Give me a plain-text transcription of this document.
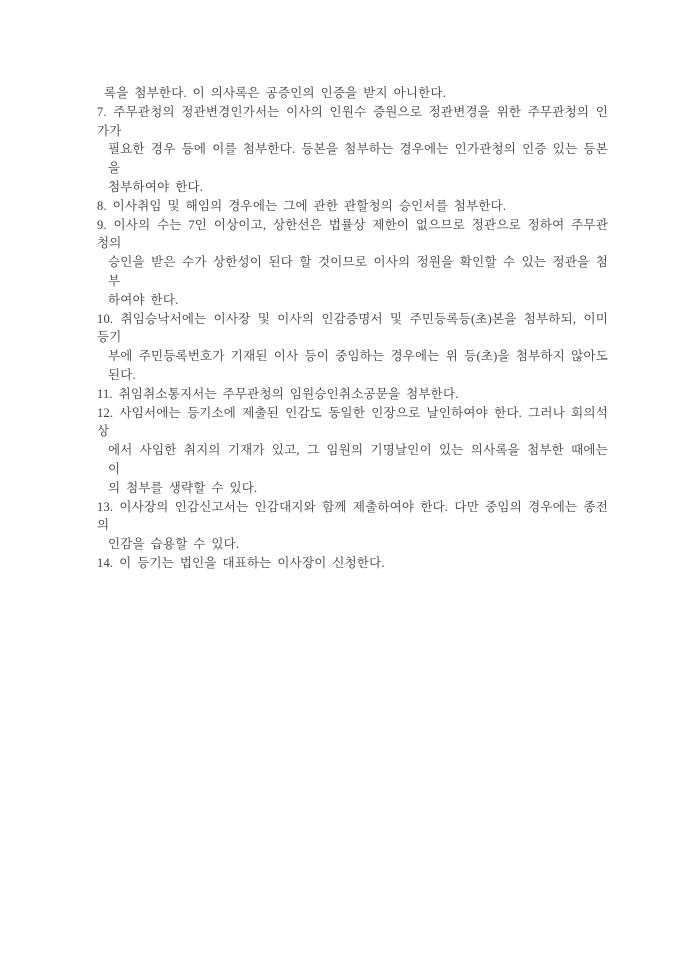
록을 첨부한다. 이 의사록은 공증인의 인증을 받지 아니한다.
7. 주무관청의 정관변경인가서는 이사의 인원수 증원으로 정관변경을 위한 주무관청의 인가가
필요한 경우 등에 이를 첨부한다. 등본을 첨부하는 경우에는 인가관청의 인증 있는 등본을
첨부하여야 한다.
8. 이사취임 및 해임의 경우에는 그에 관한 관할청의 승인서를 첨부한다.
9. 이사의 수는 7인 이상이고, 상한선은 법률상 제한이 없으므로 정관으로 정하여 주무관청의
승인을 받은 수가 상한성이 된다 할 것이므로 이사의 정원을 확인할 수 있는 정관을 첨부
하여야 한다.
10. 취임승낙서에는 이사장 및 이사의 인감증명서 및 주민등록등(초)본을 첨부하되, 이미 등기
부에 주민등록번호가 기재된 이사 등이 중임하는 경우에는 위 등(초)을 첨부하지 않아도
된다.
11. 취임취소통지서는 주무관청의 임원승인취소공문을 첨부한다.
12. 사임서에는 등기소에 제출된 인감도 동일한 인장으로 날인하여야 한다. 그러나 회의석상
에서 사임한 취지의 기재가 있고, 그 임원의 기명날인이 있는 의사록을 첨부한 때에는 이
의 첨부를 생략할 수 있다.
13. 이사장의 인감신고서는 인감대지와 함께 제출하여야 한다. 다만 중임의 경우에는 종전의
인감을 습용할 수 있다.
14. 이 등기는 법인을 대표하는 이사장이 신청한다.
